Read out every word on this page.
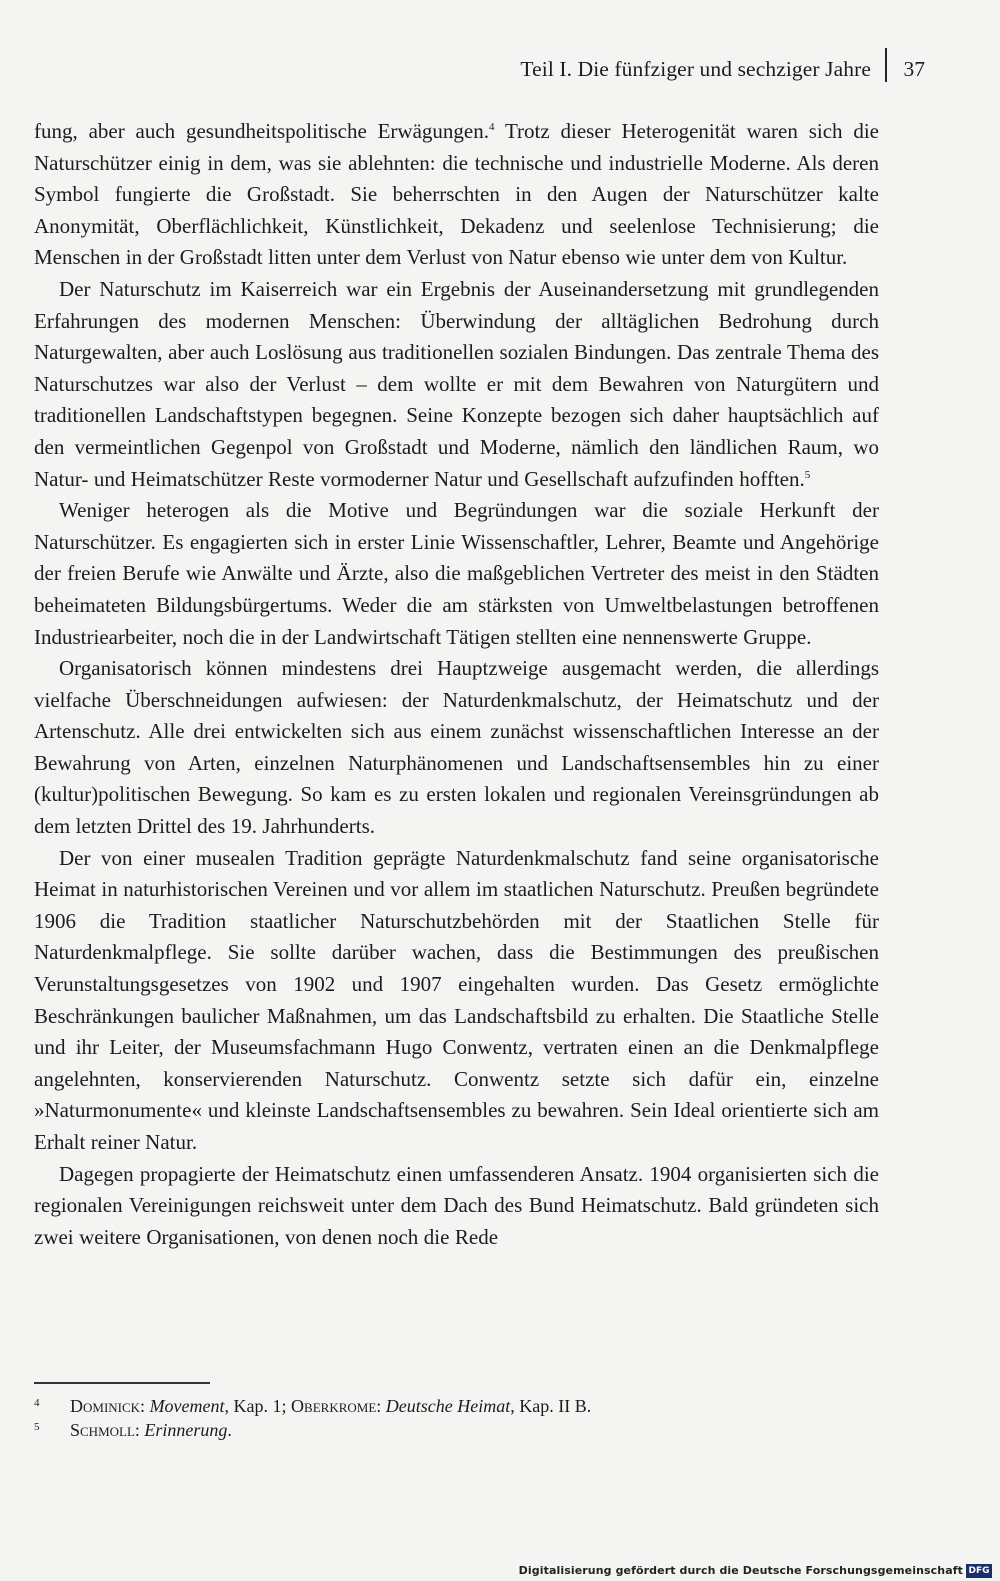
Teil I. Die fünfziger und sechziger Jahre 37

fung, aber auch gesundheitspolitische Erwägungen.$^4$ Trotz dieser Heterogenität waren sich die Naturschützer einig in dem, was sie ablehnten: die technische und industrielle Moderne. Als deren Symbol fungierte die Großstadt. Sie beherrschten in den Augen der Naturschützer kalte Anonymität, Oberflächlichkeit, Künstlichkeit, Dekadenz und seelenlose Technisierung; die Menschen in der Großstadt litten unter dem Verlust von Natur ebenso wie unter dem von Kultur.

Der Naturschutz im Kaiserreich war ein Ergebnis der Auseinandersetzung mit grundlegenden Erfahrungen des modernen Menschen: Überwindung der alltäglichen Bedrohung durch Naturgewalten, aber auch Loslösung aus traditionellen sozialen Bindungen. Das zentrale Thema des Naturschutzes war also der Verlust – dem wollte er mit dem Bewahren von Naturgütern und traditionellen Landschaftstypen begegnen. Seine Konzepte bezogen sich daher hauptsächlich auf den vermeintlichen Gegenpol von Großstadt und Moderne, nämlich den ländlichen Raum, wo Natur- und Heimatschützer Reste vormoderner Natur und Gesellschaft aufzufinden hofften.$^5$

Weniger heterogen als die Motive und Begründungen war die soziale Herkunft der Naturschützer. Es engagierten sich in erster Linie Wissenschaftler, Lehrer, Beamte und Angehörige der freien Berufe wie Anwälte und Ärzte, also die maßgeblichen Vertreter des meist in den Städten beheimateten Bildungsbürgertums. Weder die am stärksten von Umweltbelastungen betroffenen Industriearbeiter, noch die in der Landwirtschaft Tätigen stellten eine nennenswerte Gruppe.

Organisatorisch können mindestens drei Hauptzweige ausgemacht werden, die allerdings vielfache Überschneidungen aufwiesen: der Naturdenkmalschutz, der Heimatschutz und der Artenschutz. Alle drei entwickelten sich aus einem zunächst wissenschaftlichen Interesse an der Bewahrung von Arten, einzelnen Naturphänomenen und Landschaftsensembles hin zu einer (kultur)politischen Bewegung. So kam es zu ersten lokalen und regionalen Vereinsgründungen ab dem letzten Drittel des 19. Jahrhunderts.

Der von einer musealen Tradition geprägte Naturdenkmalschutz fand seine organisatorische Heimat in naturhistorischen Vereinen und vor allem im staatlichen Naturschutz. Preußen begründete 1906 die Tradition staatlicher Naturschutzbehörden mit der Staatlichen Stelle für Naturdenkmalpflege. Sie sollte darüber wachen, dass die Bestimmungen des preußischen Verunstaltungsgesetzes von 1902 und 1907 eingehalten wurden. Das Gesetz ermöglichte Beschränkungen baulicher Maßnahmen, um das Landschaftsbild zu erhalten. Die Staatliche Stelle und ihr Leiter, der Museumsfachmann Hugo Conwentz, vertraten einen an die Denkmalpflege angelehnten, konservierenden Naturschutz. Conwentz setzte sich dafür ein, einzelne »Naturmonumente« und kleinste Landschaftsensembles zu bewahren. Sein Ideal orientierte sich am Erhalt reiner Natur.

Dagegen propagierte der Heimatschutz einen umfassenderen Ansatz. 1904 organisierten sich die regionalen Vereinigungen reichsweit unter dem Dach des Bund Heimatschutz. Bald gründeten sich zwei weitere Organisationen, von denen noch die Rede

4	Dominick: Movement, Kap. 1; Oberkrome: Deutsche Heimat, Kap. II B.
5	Schmoll: Erinnerung.
Digitalisierung gefördert durch die Deutsche Forschungsgemeinschaft DFG
